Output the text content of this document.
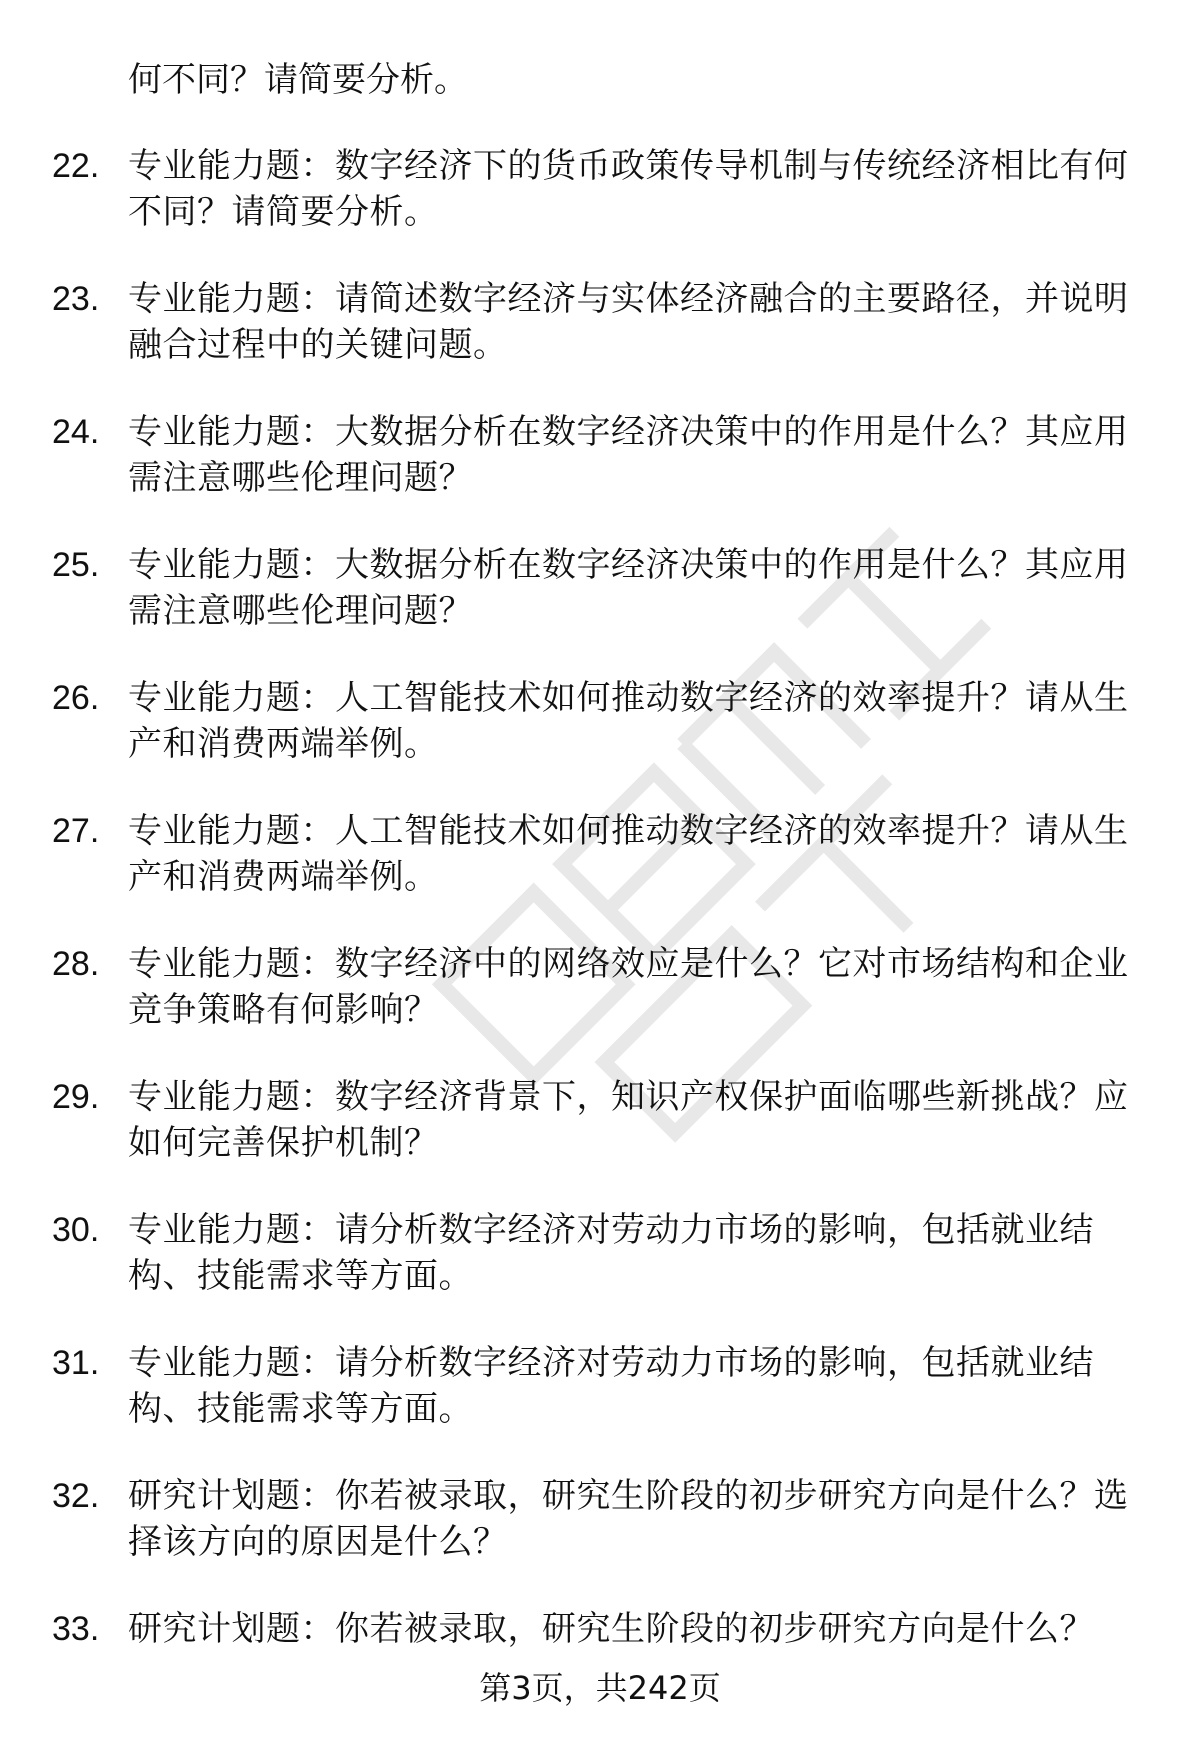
何不同？请简要分析。
22. 专业能力题：数字经济下的货币政策传导机制与传统经济相比有何不同？请简要分析。
23. 专业能力题：请简述数字经济与实体经济融合的主要路径，并说明融合过程中的关键问题。
24. 专业能力题：大数据分析在数字经济决策中的作用是什么？其应用需注意哪些伦理问题？
25. 专业能力题：大数据分析在数字经济决策中的作用是什么？其应用需注意哪些伦理问题？
26. 专业能力题：人工智能技术如何推动数字经济的效率提升？请从生产和消费两端举例。
27. 专业能力题：人工智能技术如何推动数字经济的效率提升？请从生产和消费两端举例。
28. 专业能力题：数字经济中的网络效应是什么？它对市场结构和企业竞争策略有何影响？
29. 专业能力题：数字经济背景下，知识产权保护面临哪些新挑战？应如何完善保护机制？
30. 专业能力题：请分析数字经济对劳动力市场的影响，包括就业结构、技能需求等方面。
31. 专业能力题：请分析数字经济对劳动力市场的影响，包括就业结构、技能需求等方面。
32. 研究计划题：你若被录取，研究生阶段的初步研究方向是什么？选择该方向的原因是什么？
33. 研究计划题：你若被录取，研究生阶段的初步研究方向是什么？
第3页，共242页
